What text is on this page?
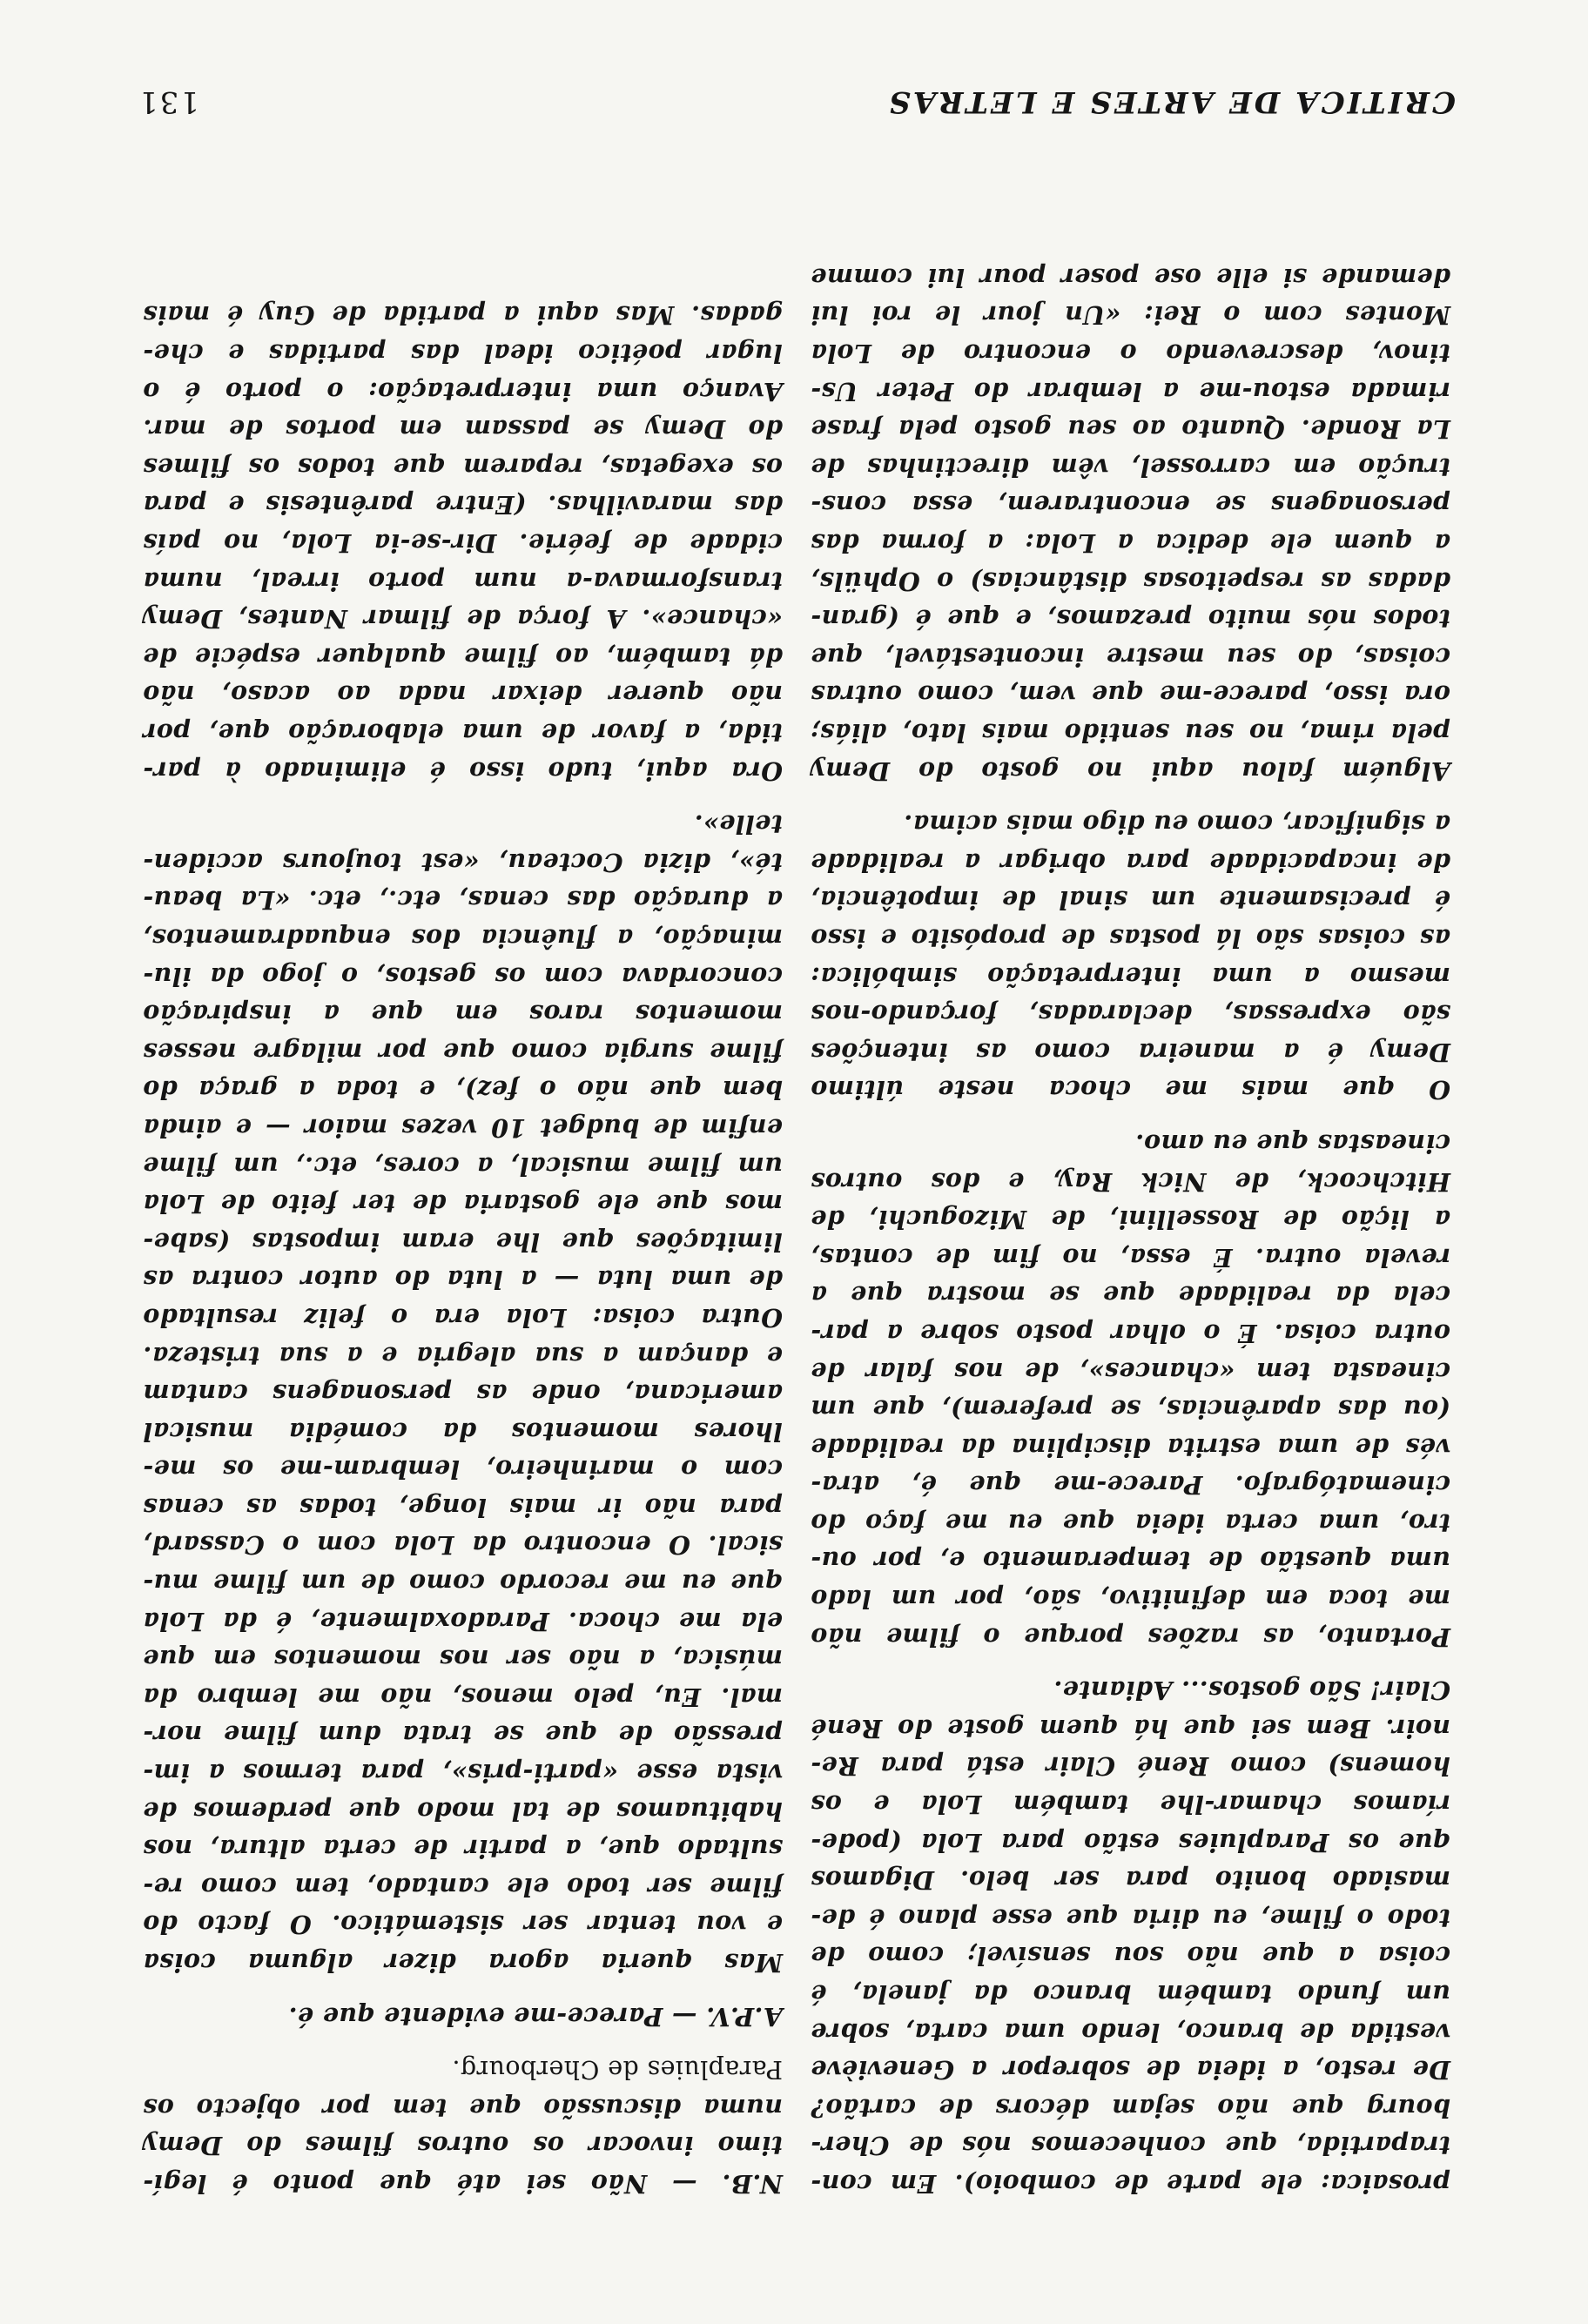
CRITICA DE ARTES E LETRAS
131

prosaica: ele parte de comboio). Em con-
trapartida, que conhecemos nós de Cher-
bourg que não sejam décors de cartão?
De resto, a ideia de sobrepor a Geneviève
vestida de branco, lendo uma carta, sobre
um fundo também branco da janela, é
coisa a que não sou sensível; como de
todo o filme, eu diria que esse plano é de-
masiado bonito para ser belo. Digamos
que os Parapluies estão para Lola (pode-
ríamos chamar-lhe também Lola e os
homens) como René Clair está para Re-
noir. Bem sei que há quem goste do René
Clair! São gostos... Adiante.

Portanto, as razões porque o filme não
me toca em definitivo, são, por um lado
uma questão de temperamento e, por ou-
tro, uma certa ideia que eu me faço do
cinematógrafo. Parece-me que é, atra-
vés de uma estrita disciplina da realidade
(ou das aparências, se preferem), que um
cineasta tem «chances», de nos falar de
outra coisa. É o olhar posto sobre a par-
cela da realidade que se mostra que a
revela outra. É essa, no fim de contas,
a lição de Rossellini, de Mizoguchi, de
Hitchcock, de Nick Ray, e dos outros
cineastas que eu amo.

O que mais me choca neste último
Demy é a maneira como as intenções
são expressas, declaradas, forçando-nos
mesmo a uma interpretação simbólica:
as coisas são lá postas de propósito e isso
é precisamente um sinal de impotência,
de incapacidade para obrigar a realidade
a significar, como eu digo mais acima.

Alguém falou aqui no gosto do Demy
pela rima, no seu sentido mais lato, aliás;
ora isso, parece-me que vem, como outras
coisas, do seu mestre incontestável, que
todos nós muito prezamos, e que é (gran-
dadas as respeitosas distâncias) o Ophüls,
a quem ele dedica a Lola: a forma das
personagens se encontrarem, essa cons-
trução em carrossel, vêm directinhas de
La Ronde. Quanto ao seu gosto pela frase
rimada estou-me a lembrar do Peter Us-
tinov, descrevendo o encontro de Lola
Montes com o Rei: «Un jour le roi lui
demande si elle ose poser pour lui comme

N.B. — Não sei até que ponto é legí-
timo invocar os outros filmes do Demy
numa discussão que tem por objecto os
Parapluies de Cherbourg.

A.P.V. — Parece-me evidente que é.

Mas queria agora dizer alguma coisa
e vou tentar ser sistemático. O facto do
filme ser todo ele cantado, tem como re-
sultado que, a partir de certa altura, nos
habituamos de tal modo que perdemos de
vista esse «parti-pris», para termos a im-
pressão de que se trata dum filme nor-
mal. Eu, pelo menos, não me lembro da
música, a não ser nos momentos em que
ela me choca. Paradoxalmente, é da Lola
que eu me recordo como de um filme mu-
sical. O encontro da Lola com o Cassard,
para não ir mais longe, todas as cenas
com o marinheiro, lembram-me os me-
lhores momentos da comédia musical
americana, onde as personagens cantam
e dançam a sua alegria e a sua tristeza.
Outra coisa: Lola era o feliz resultado
de uma luta — a luta do autor contra as
limitações que lhe eram impostas (sabe-
mos que ele gostaria de ter feito de Lola
um filme musical, a cores, etc., um filme
enfim de budget 10 vezes maior — e ainda
bem que não o fez), e toda a graça do
filme surgia como que por milagre nesses
momentos raros em que a inspiração
concordava com os gestos, o jogo da ilu-
minação, a fluência dos enquadramentos,
a duração das cenas, etc., etc. «La beau-
té», dizia Cocteau, «est toujours acciden-
telle».

Ora aqui, tudo isso é eliminado à par-
tida, a favor de uma elaboração que, por
não querer deixar nada ao acaso, não
dá também, ao filme qualquer espécie de
«chance». A força de filmar Nantes, Demy
transformava-a num porto irreal, numa
cidade de feérie. Dir-se-ia Lola, no país
das maravilhas. (Entre parêntesis e para
os exegetas, reparem que todos os filmes
do Demy se passam em portos de mar.
Avanço uma interpretação: o porto é o
lugar poético ideal das partidas e che-
gadas. Mas aqui a partida de Guy é mais
